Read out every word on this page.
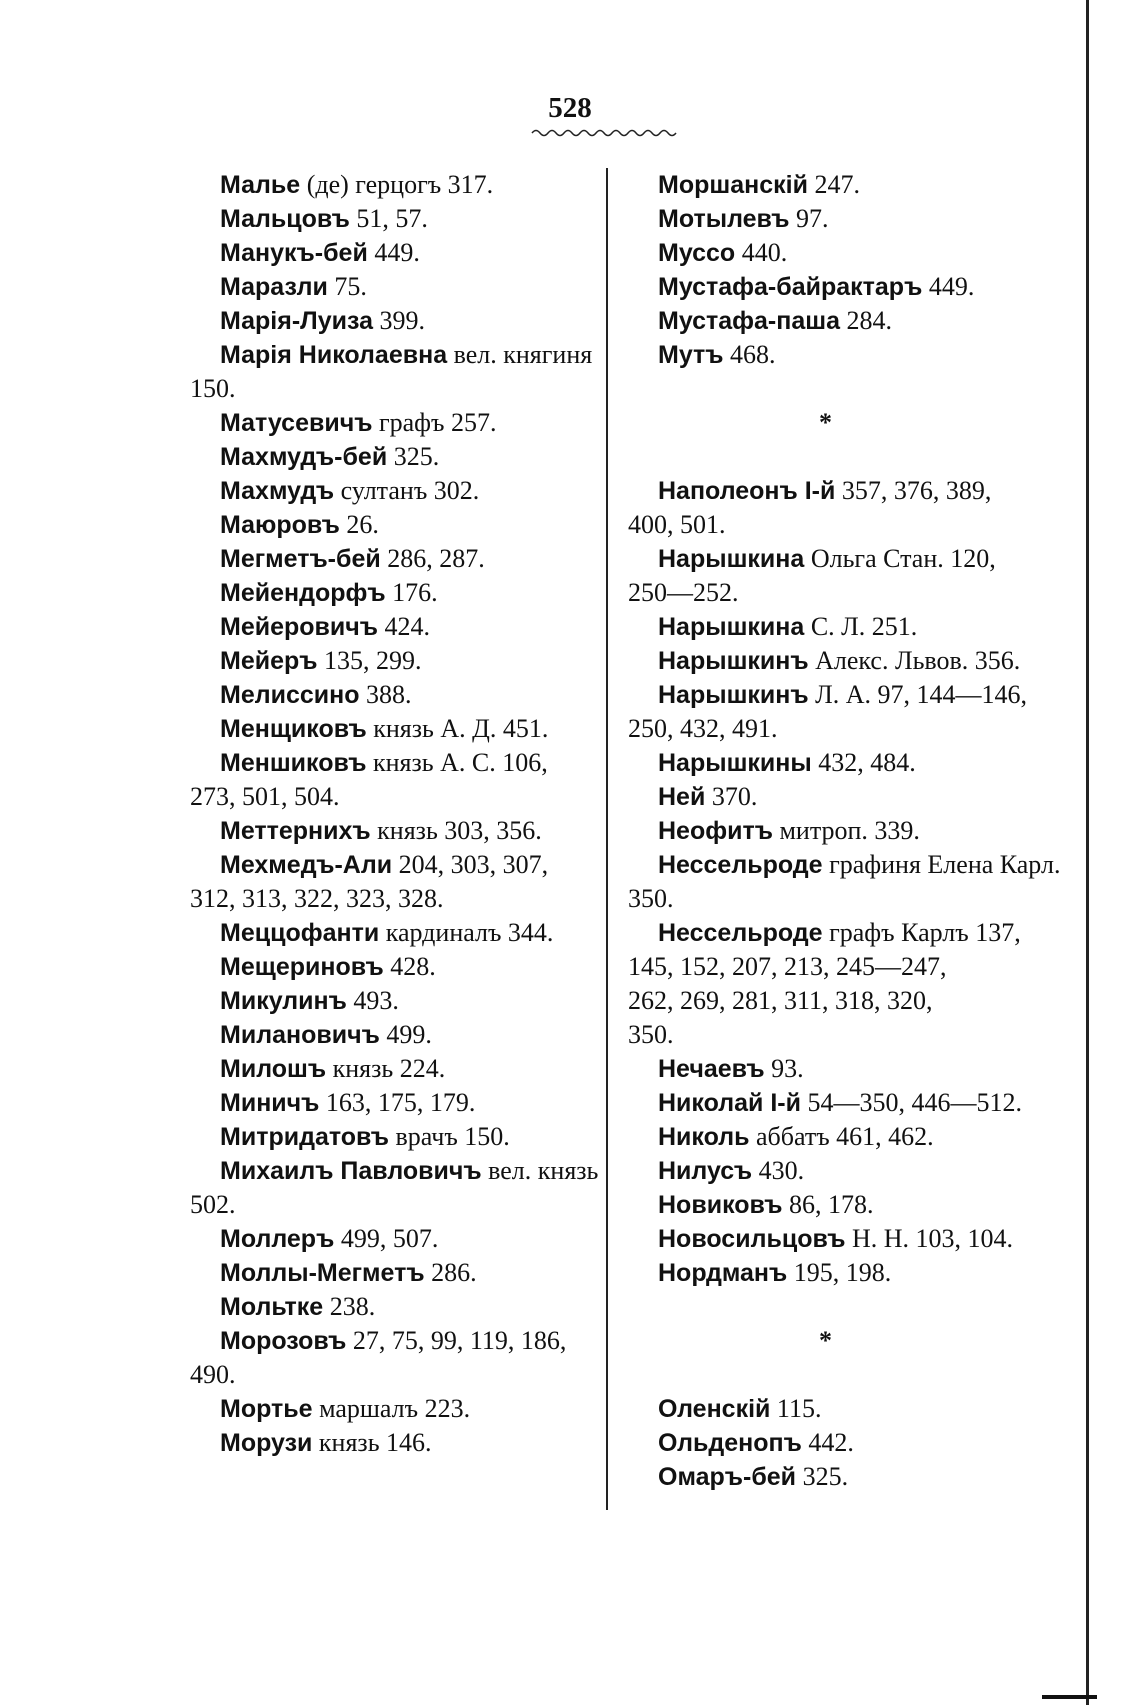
528
Малье (де) герцогъ 317.
Мальцовъ 51, 57.
Манукъ-бей 449.
Маразли 75.
Марія-Луиза 399.
Марія Николаевна вел. княгиня
150.
Матусевичъ графъ 257.
Махмудъ-бей 325.
Махмудъ султанъ 302.
Маюровъ 26.
Мегметъ-бей 286, 287.
Мейендорфъ 176.
Мейеровичъ 424.
Мейеръ 135, 299.
Мелиссино 388.
Менщиковъ князь А. Д. 451.
Меншиковъ князь А. С. 106,
273, 501, 504.
Меттернихъ князь 303, 356.
Мехмедъ-Али 204, 303, 307,
312, 313, 322, 323, 328.
Меццофанти кардиналъ 344.
Мещериновъ 428.
Микулинъ 493.
Милановичъ 499.
Милошъ князь 224.
Миничъ 163, 175, 179.
Митридатовъ врачъ 150.
Михаилъ Павловичъ вел. князь
502.
Моллеръ 499, 507.
Моллы-Мегметъ 286.
Мольтке 238.
Морозовъ 27, 75, 99, 119, 186,
490.
Мортье маршалъ 223.
Морузи князь 146.
Моршанскій 247.
Мотылевъ 97.
Муссо 440.
Мустафа-байрактаръ 449.
Мустафа-паша 284.
Мутъ 468.
*
Наполеонъ I-й 357, 376, 389,
400, 501.
Нарышкина Ольга Стан. 120,
250—252.
Нарышкина С. Л. 251.
Нарышкинъ Алекс. Львов. 356.
Нарышкинъ Л. А. 97, 144—146,
250, 432, 491.
Нарышкины 432, 484.
Ней 370.
Неофитъ митроп. 339.
Нессельроде графиня Елена Карл.
350.
Нессельроде графъ Карлъ 137,
145, 152, 207, 213, 245—247,
262, 269, 281, 311, 318, 320,
350.
Нечаевъ 93.
Николай I-й 54—350, 446—512.
Николь аббатъ 461, 462.
Нилусъ 430.
Новиковъ 86, 178.
Новосильцовъ Н. Н. 103, 104.
Нордманъ 195, 198.
*
Оленскій 115.
Ольденопъ 442.
Омаръ-бей 325.
